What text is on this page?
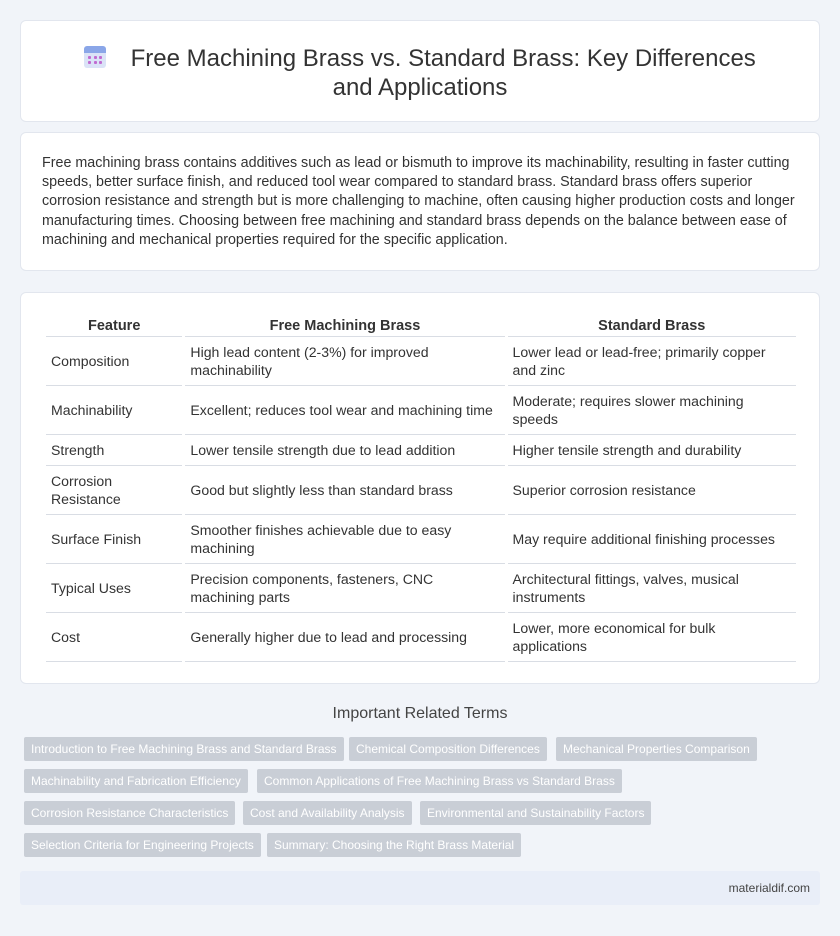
Free Machining Brass vs. Standard Brass: Key Differences and Applications

Free machining brass contains additives such as lead or bismuth to improve its machinability, resulting in faster cutting speeds, better surface finish, and reduced tool wear compared to standard brass. Standard brass offers superior corrosion resistance and strength but is more challenging to machine, often causing higher production costs and longer manufacturing times. Choosing between free machining and standard brass depends on the balance between ease of machining and mechanical properties required for the specific application.

Feature	Free Machining Brass	Standard Brass
Composition	High lead content (2-3%) for improved machinability	Lower lead or lead-free; primarily copper and zinc
Machinability	Excellent; reduces tool wear and machining time	Moderate; requires slower machining speeds
Strength	Lower tensile strength due to lead addition	Higher tensile strength and durability
Corrosion Resistance	Good but slightly less than standard brass	Superior corrosion resistance
Surface Finish	Smoother finishes achievable due to easy machining	May require additional finishing processes
Typical Uses	Precision components, fasteners, CNC machining parts	Architectural fittings, valves, musical instruments
Cost	Generally higher due to lead and processing	Lower, more economical for bulk applications
Important Related Terms
Introduction to Free Machining Brass and Standard Brass	Chemical Composition Differences	Mechanical Properties Comparison
Machinability and Fabrication Efficiency	Common Applications of Free Machining Brass vs Standard Brass
Corrosion Resistance Characteristics	Cost and Availability Analysis	Environmental and Sustainability Factors
Selection Criteria for Engineering Projects	Summary: Choosing the Right Brass Material
materialdif.com
